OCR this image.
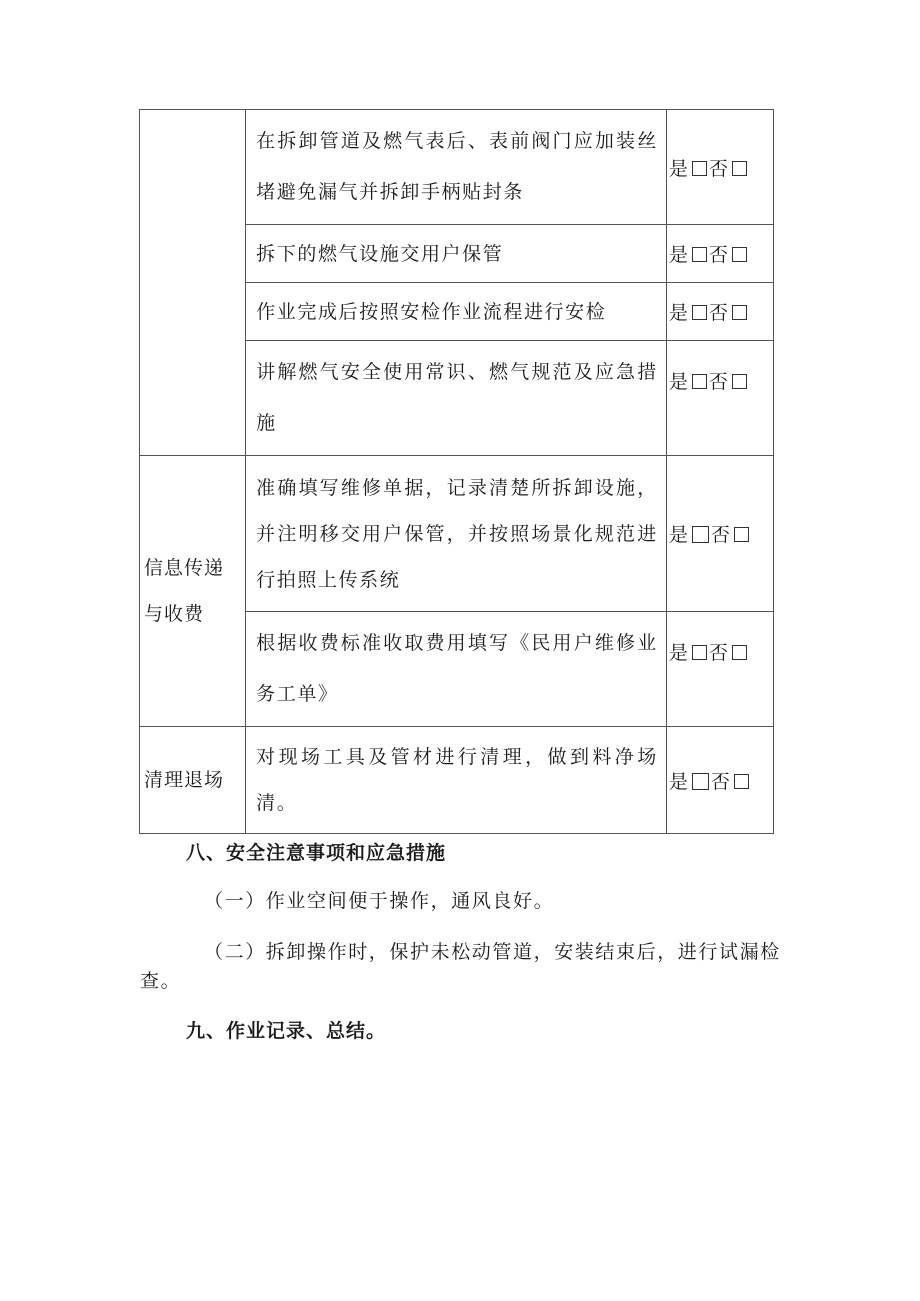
	在拆卸管道及燃气表后、表前阀门应加装丝堵避免漏气并拆卸手柄贴封条	是 否
	拆下的燃气设施交用户保管	是 否
	作业完成后按照安检作业流程进行安检	是 否
	讲解燃气安全使用常识、燃气规范及应急措施	是 否

信息传递与收费	准确填写维修单据，记录清楚所拆卸设施，并注明移交用户保管，并按照场景化规范进行拍照上传系统	是 否
	根据收费标准收取费用填写《民用户维修业务工单》	是 否
清理退场	对现场工具及管材进行清理，做到料净场清。	是 否
八、安全注意事项和应急措施
（一）作业空间便于操作，通风良好。
（二）拆卸操作时，保护未松动管道，安装结束后，进行试漏检查。
九、作业记录、总结。
